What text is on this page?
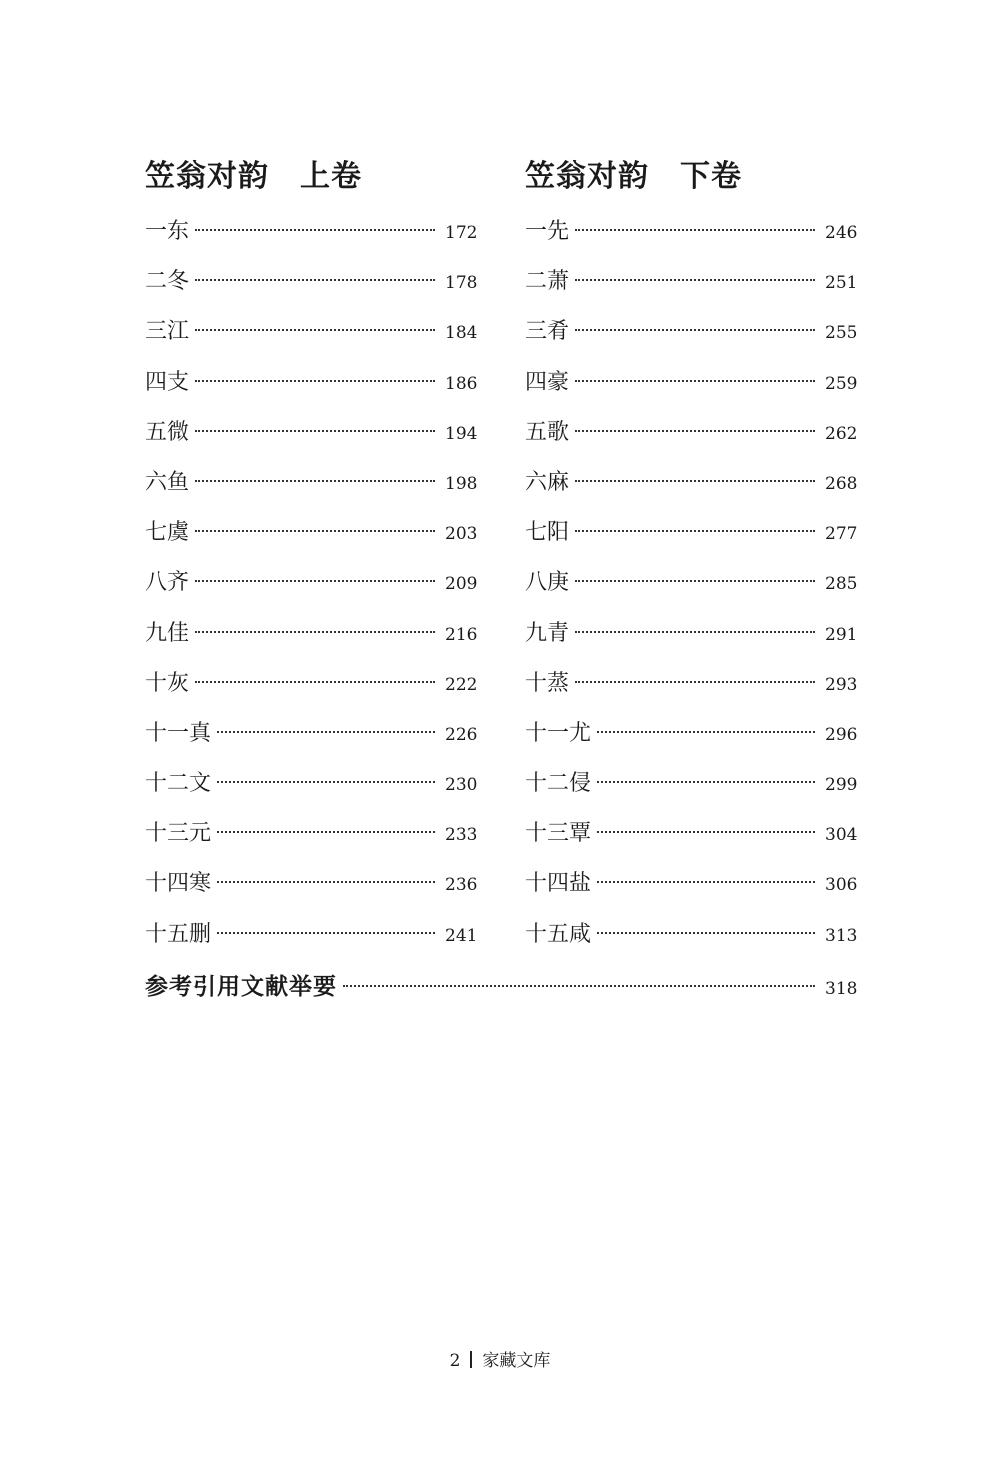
笠翁对韵　上卷
一东	172
二冬	178
三江	184
四支	186
五微	194
六鱼	198
七虞	203
八齐	209
九佳	216
十灰	222
十一真	226
十二文	230
十三元	233
十四寒	236
十五删	241
笠翁对韵　下卷
一先	246
二萧	251
三肴	255
四豪	259
五歌	262
六麻	268
七阳	277
八庚	285
九青	291
十蒸	293
十一尤	296
十二侵	299
十三覃	304
十四盐	306
十五咸	313
参考引用文献举要	318
2 家藏文库
